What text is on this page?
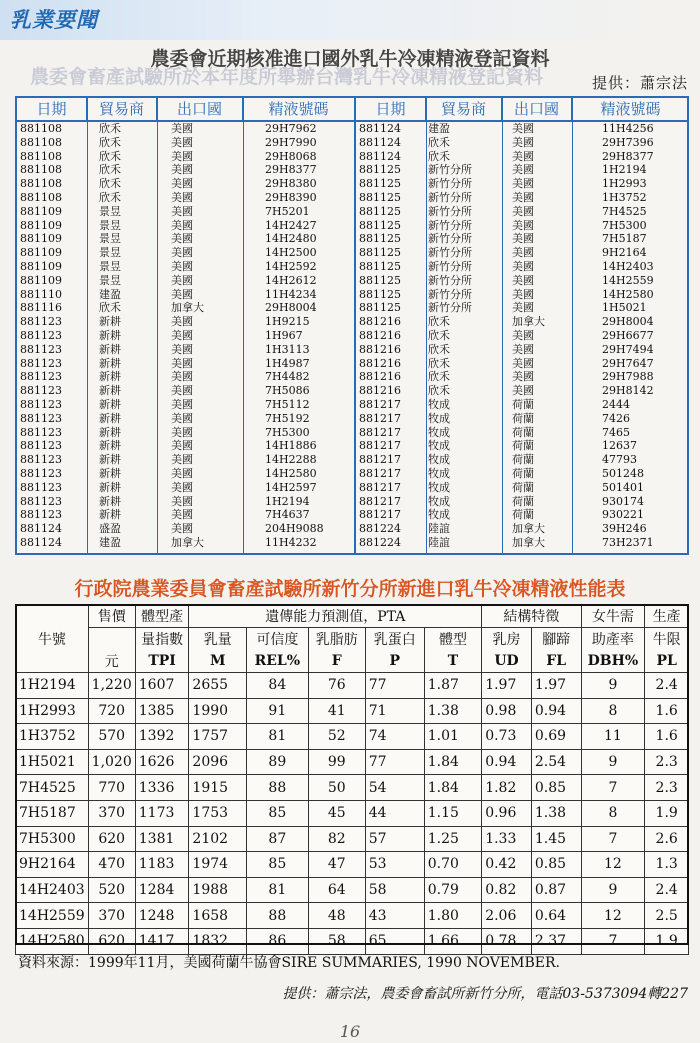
乳業要聞
農委會畜產試驗所於本年度所舉辦台灣乳牛冷凍精液登記資料
農委會近期核准進口國外乳牛冷凍精液登記資料
提供：蕭宗法
日期	貿易商	出口國	精液號碼
881108	欣禾	美國	29H7962
881108	欣禾	美國	29H7990
881108	欣禾	美國	29H8068
881108	欣禾	美國	29H8377
881108	欣禾	美國	29H8380
881108	欣禾	美國	29H8390
881109	景昱	美國	7H5201
881109	景昱	美國	14H2427
881109	景昱	美國	14H2480
881109	景昱	美國	14H2500
881109	景昱	美國	14H2592
881109	景昱	美國	14H2612
881110	建盈	美國	11H4234
881116	欣禾	加拿大	29H8004
881123	新耕	美國	1H9215
881123	新耕	美國	1H967
881123	新耕	美國	1H3113
881123	新耕	美國	1H4987
881123	新耕	美國	7H4482
881123	新耕	美國	7H5086
881123	新耕	美國	7H5112
881123	新耕	美國	7H5192
881123	新耕	美國	7H5300
881123	新耕	美國	14H1886
881123	新耕	美國	14H2288
881123	新耕	美國	14H2580
881123	新耕	美國	14H2597
881123	新耕	美國	1H2194
881123	新耕	美國	7H4637
881124	盛盈	美國	204H9088
881124	建盈	加拿大	11H4232
日期	貿易商	出口國	精液號碼
881124	建盈	美國	11H4256
881124	欣禾	美國	29H7396
881124	欣禾	美國	29H8377
881125	新竹分所	美國	1H2194
881125	新竹分所	美國	1H2993
881125	新竹分所	美國	1H3752
881125	新竹分所	美國	7H4525
881125	新竹分所	美國	7H5300
881125	新竹分所	美國	7H5187
881125	新竹分所	美國	9H2164
881125	新竹分所	美國	14H2403
881125	新竹分所	美國	14H2559
881125	新竹分所	美國	14H2580
881125	新竹分所	美國	1H5021
881216	欣禾	加拿大	29H8004
881216	欣禾	美國	29H6677
881216	欣禾	美國	29H7494
881216	欣禾	美國	29H7647
881216	欣禾	美國	29H7988
881216	欣禾	美國	29H8142
881217	牧成	荷蘭	2444
881217	牧成	荷蘭	7426
881217	牧成	荷蘭	7465
881217	牧成	荷蘭	12637
881217	牧成	荷蘭	47793
881217	牧成	荷蘭	501248
881217	牧成	荷蘭	501401
881217	牧成	荷蘭	930174
881217	牧成	荷蘭	930221
881224	陸誼	加拿大	39H246
881224	陸誼	加拿大	73H2371
行政院農業委員會畜產試驗所新竹分所新進口乳牛冷凍精液性能表
牛號	售價	體型產	遺傳能力預測值，PTA					結構特徵		女牛需	生產
		量指數	乳量	可信度	乳脂肪	乳蛋白	體型	乳房	腳蹄	助產率	牛限
	元	TPI	M	REL%	F	P	T	UD	FL	DBH%	PL
1H2194	1,220	1607	2655	84	76	77	1.87	1.97	1.97	9	2.4
1H2993	720	1385	1990	91	41	71	1.38	0.98	0.94	8	1.6
1H3752	570	1392	1757	81	52	74	1.01	0.73	0.69	11	1.6
1H5021	1,020	1626	2096	89	99	77	1.84	0.94	2.54	9	2.3
7H4525	770	1336	1915	88	50	54	1.84	1.82	0.85	7	2.3
7H5187	370	1173	1753	85	45	44	1.15	0.96	1.38	8	1.9
7H5300	620	1381	2102	87	82	57	1.25	1.33	1.45	7	2.6
9H2164	470	1183	1974	85	47	53	0.70	0.42	0.85	12	1.3
14H2403	520	1284	1988	81	64	58	0.79	0.82	0.87	9	2.4
14H2559	370	1248	1658	88	48	43	1.80	2.06	0.64	12	2.5
14H2580	620	1417	1832	86	58	65	1.66	0.78	2.37	7	1.9
資料來源：1999年11月，美國荷蘭牛協會SIRE SUMMARIES, 1990 NOVEMBER.
提供：蕭宗法，農委會畜試所新竹分所，電話03-5373094轉227
16
